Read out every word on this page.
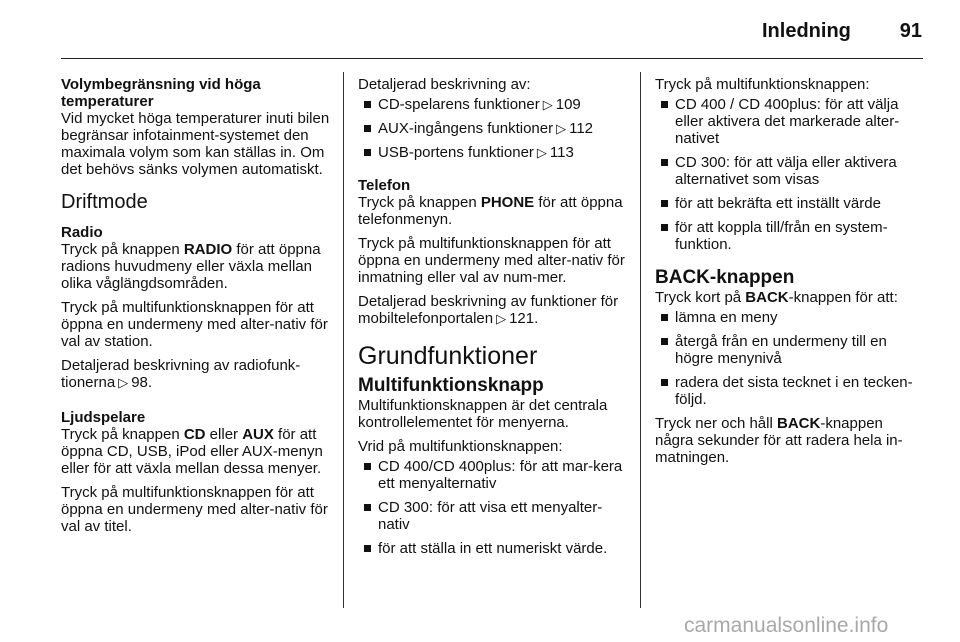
Inledning	91
Volymbegränsning vid höga temperaturer
Vid mycket höga temperaturer inuti bilen begränsar infotainment-systemet den maximala volym som kan ställas in. Om det behövs sänks volymen automatiskt.
Driftmode
Radio
Tryck på knappen RADIO för att öppna radions huvudmeny eller växla mellan olika våglängdsområden.
Tryck på multifunktionsknappen för att öppna en undermeny med alter-nativ för val av station.
Detaljerad beskrivning av radiofunk-tionerna ▷ 98.
Ljudspelare
Tryck på knappen CD eller AUX för att öppna CD, USB, iPod eller AUX-menyn eller för att växla mellan dessa menyer.
Tryck på multifunktionsknappen för att öppna en undermeny med alter-nativ för val av titel.
Detaljerad beskrivning av:
CD-spelarens funktioner ▷ 109
AUX-ingångens funktioner ▷ 112
USB-portens funktioner ▷ 113
Telefon
Tryck på knappen PHONE för att öppna telefonmenyn.
Tryck på multifunktionsknappen för att öppna en undermeny med alter-nativ för inmatning eller val av num-mer.
Detaljerad beskrivning av funktioner för mobiltelefonportalen ▷ 121.
Grundfunktioner
Multifunktionsknapp
Multifunktionsknappen är det centrala kontrollelementet för menyerna.
Vrid på multifunktionsknappen:
CD 400/CD 400plus: för att mar-kera ett menyalternativ
CD 300: för att visa ett menyalter-nativ
för att ställa in ett numeriskt värde.
Tryck på multifunktionsknappen:
CD 400 / CD 400plus: för att välja eller aktivera det markerade alter-nativet
CD 300: för att välja eller aktivera alternativet som visas
för att bekräfta ett inställt värde
för att koppla till/från en system-funktion.
BACK-knappen
Tryck kort på BACK-knappen för att:
lämna en meny
återgå från en undermeny till en högre menynivå
radera det sista tecknet i en tecken-följd.
Tryck ner och håll BACK-knappen några sekunder för att radera hela in-matningen.
carmanualsonline.info
